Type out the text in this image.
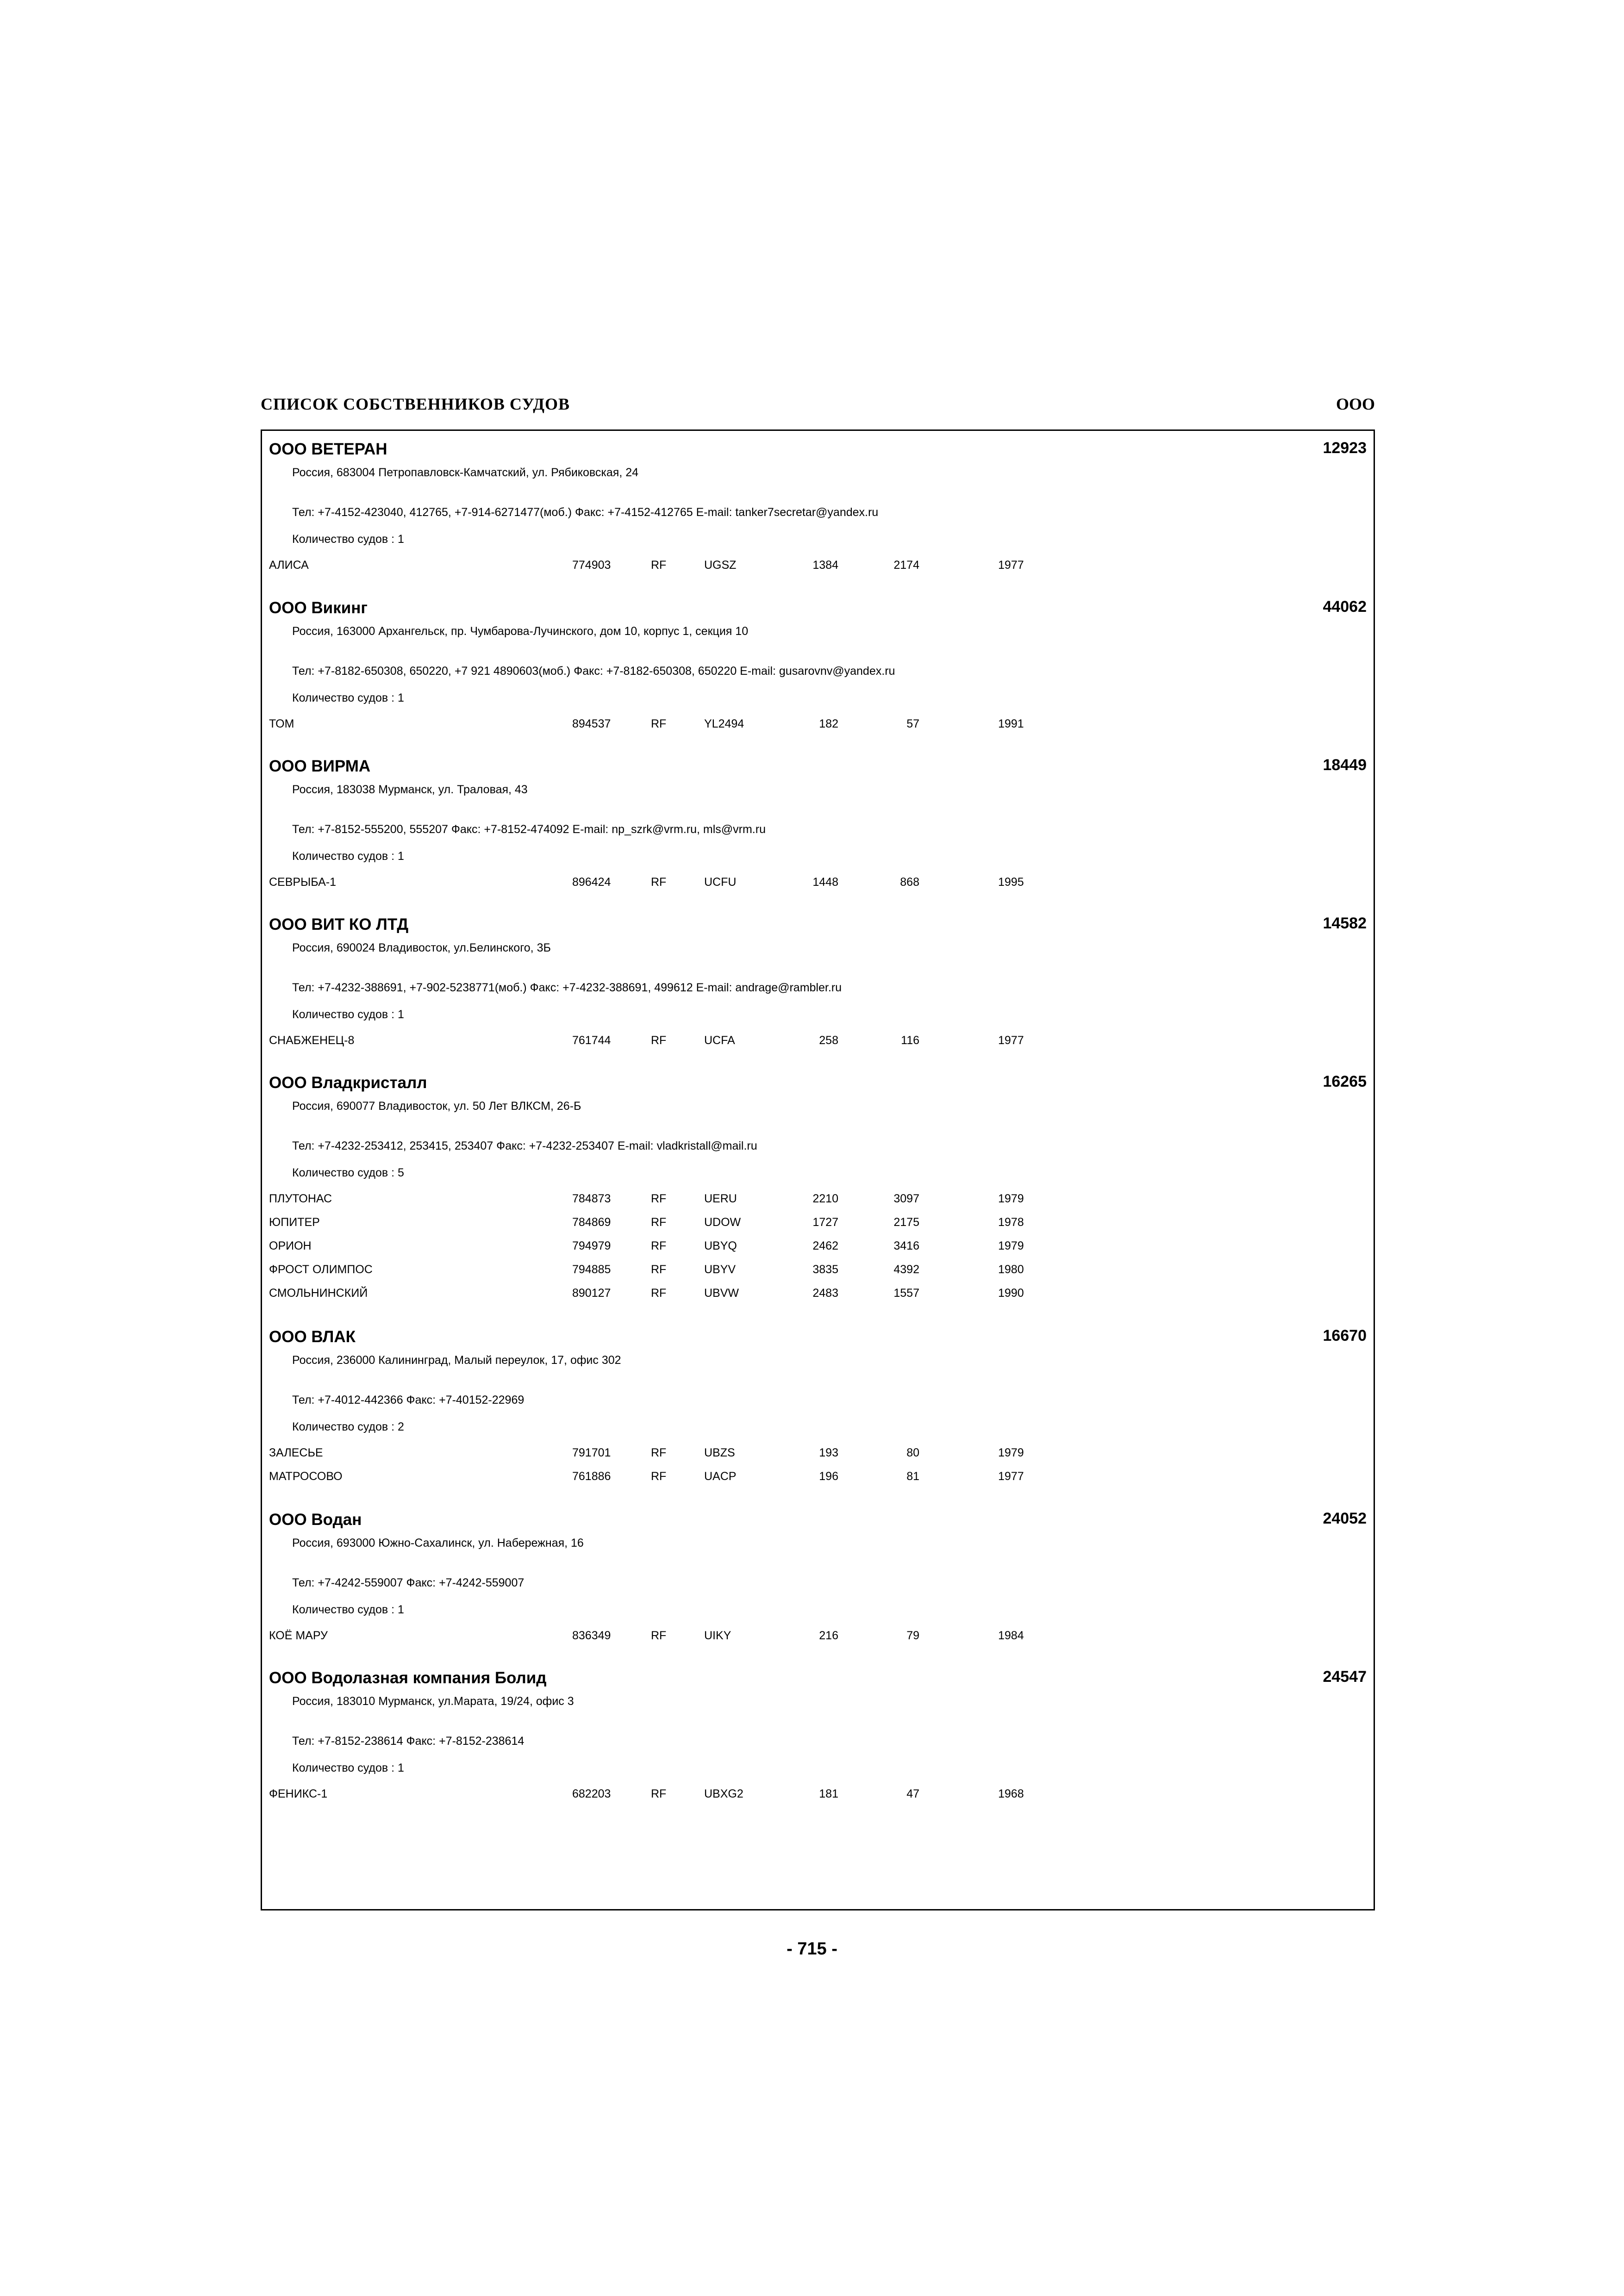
СПИСОК СОБСТВЕННИКОВ СУДОВ	ООО
ООО ВЕТЕРАН	12923
Россия, 683004 Петропавловск-Камчатский, ул. Рябиковская, 24
Тел: +7-4152-423040, 412765, +7-914-6271477(моб.) Факс: +7-4152-412765 E-mail: tanker7secretar@yandex.ru
Количество судов : 1
АЛИСА	774903	RF	UGSZ	1384	2174	1977
ООО Викинг	44062
Россия, 163000 Архангельск, пр. Чумбарова-Лучинского, дом 10, корпус 1, секция 10
Тел: +7-8182-650308, 650220, +7 921 4890603(моб.) Факс: +7-8182-650308, 650220 E-mail: gusarovnv@yandex.ru
Количество судов : 1
ТОМ	894537	RF	YL2494	182	57	1991
ООО ВИРМА	18449
Россия, 183038 Мурманск, ул. Траловая, 43
Тел: +7-8152-555200, 555207 Факс: +7-8152-474092 E-mail: np_szrk@vrm.ru, mls@vrm.ru
Количество судов : 1
СЕВРЫБА-1	896424	RF	UCFU	1448	868	1995
ООО ВИТ КО ЛТД	14582
Россия, 690024 Владивосток, ул.Белинского, 3Б
Тел: +7-4232-388691, +7-902-5238771(моб.) Факс: +7-4232-388691, 499612 E-mail: andrage@rambler.ru
Количество судов : 1
СНАБЖЕНЕЦ-8	761744	RF	UCFA	258	116	1977
ООО Владкристалл	16265
Россия, 690077 Владивосток, ул. 50 Лет ВЛКСМ, 26-Б
Тел: +7-4232-253412, 253415, 253407 Факс: +7-4232-253407 E-mail: vladkristall@mail.ru
Количество судов : 5
ПЛУТОНАС	784873	RF	UERU	2210	3097	1979
ЮПИТЕР	784869	RF	UDOW	1727	2175	1978
ОРИОН	794979	RF	UBYQ	2462	3416	1979
ФРОСТ ОЛИМПОС	794885	RF	UBYV	3835	4392	1980
СМОЛЬНИНСКИЙ	890127	RF	UBVW	2483	1557	1990
ООО ВЛАК	16670
Россия, 236000 Калининград, Малый переулок, 17, офис 302
Тел: +7-4012-442366 Факс: +7-40152-22969
Количество судов : 2
ЗАЛЕСЬЕ	791701	RF	UBZS	193	80	1979
МАТРОСОВО	761886	RF	UACP	196	81	1977
ООО Водан	24052
Россия, 693000 Южно-Сахалинск, ул. Набережная, 16
Тел: +7-4242-559007 Факс: +7-4242-559007
Количество судов : 1
КОЁ МАРУ	836349	RF	UIKY	216	79	1984
ООО Водолазная компания Болид	24547
Россия, 183010 Мурманск, ул.Марата, 19/24, офис 3
Тел: +7-8152-238614 Факс: +7-8152-238614
Количество судов : 1
ФЕНИКС-1	682203	RF	UBXG2	181	47	1968
- 715 -
